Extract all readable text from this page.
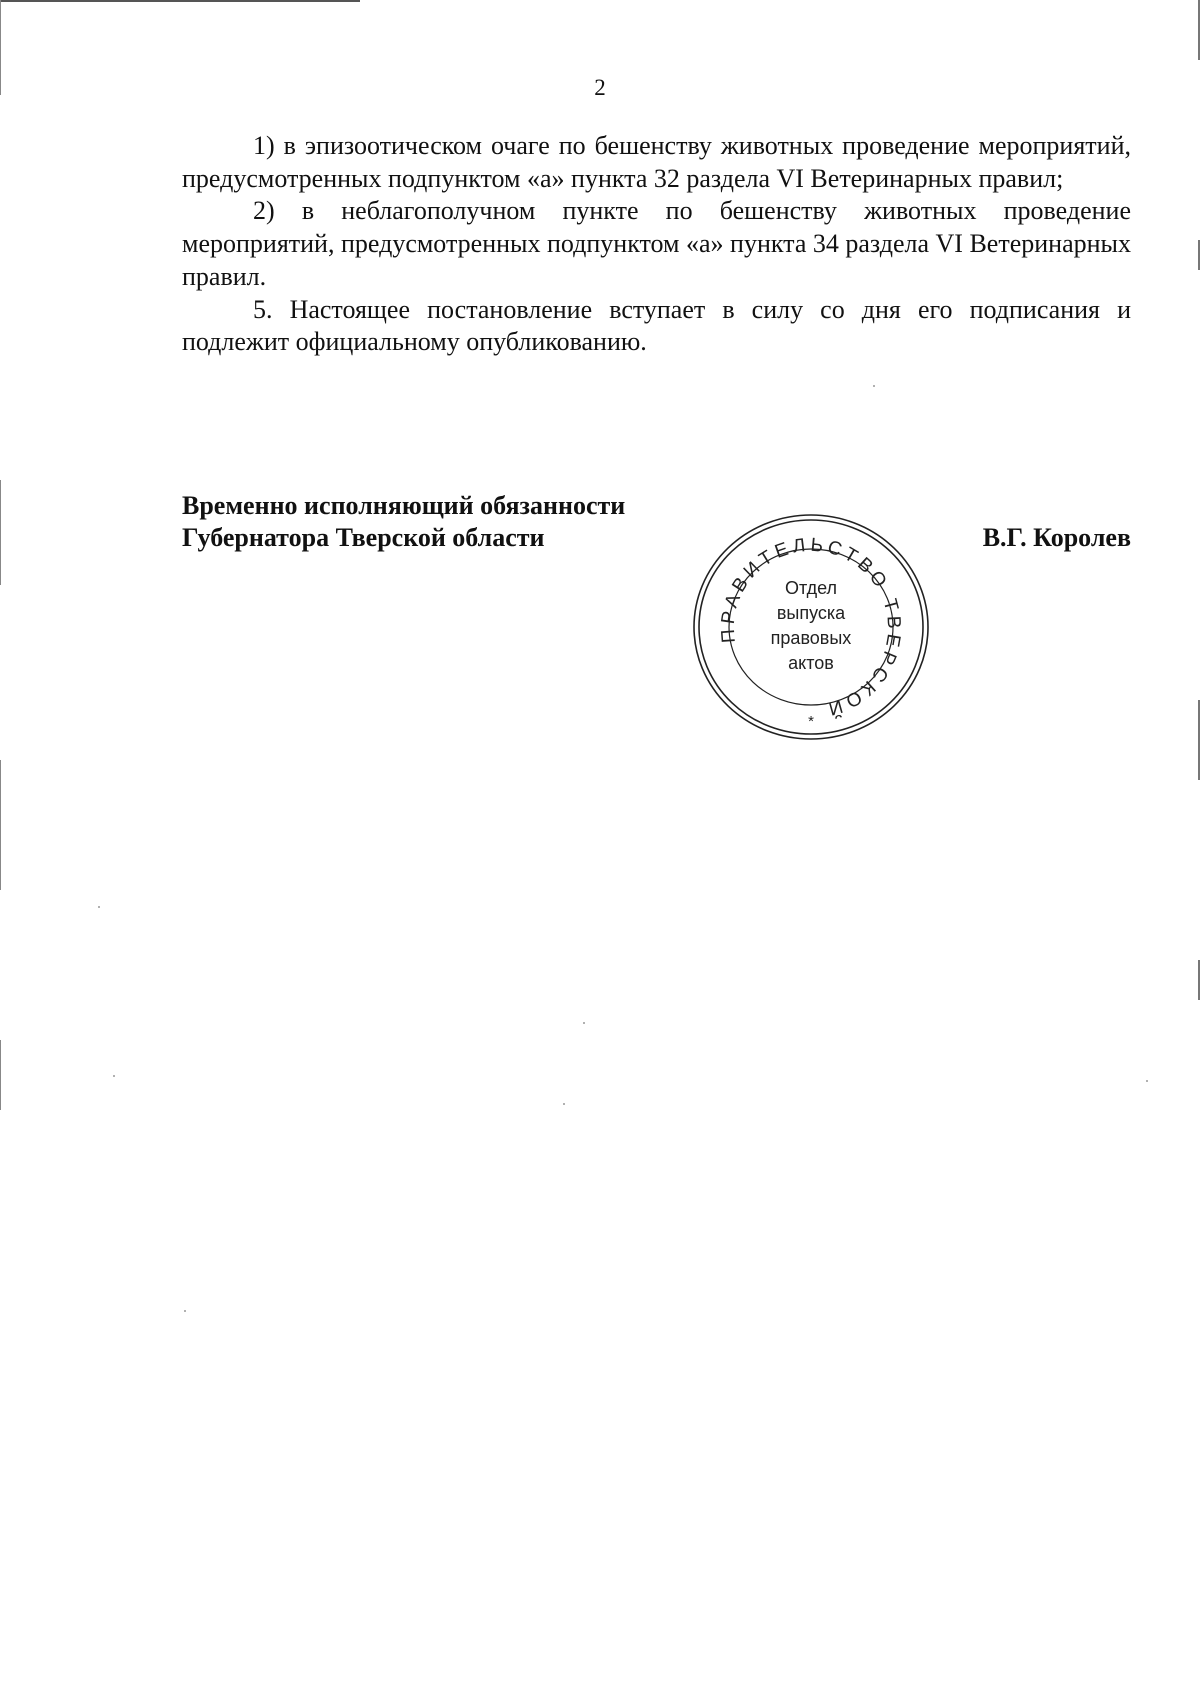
2

1) в эпизоотическом очаге по бешенству животных проведение мероприятий, предусмотренных подпунктом «а» пункта 32 раздела VI Ветеринарных правил;

2) в неблагополучном пункте по бешенству животных проведение мероприятий, предусмотренных подпунктом «а» пункта 34 раздела VI Ветеринарных правил.

5. Настоящее постановление вступает в силу со дня его подписания и подлежит официальному опубликованию.

Временно исполняющий обязанности
Губернатора Тверской области
ПРАВИТЕЛЬСТВО ТВЕРСКОЙ
*
Отдел
выпуска
правовых
актов
В.Г. Королев
